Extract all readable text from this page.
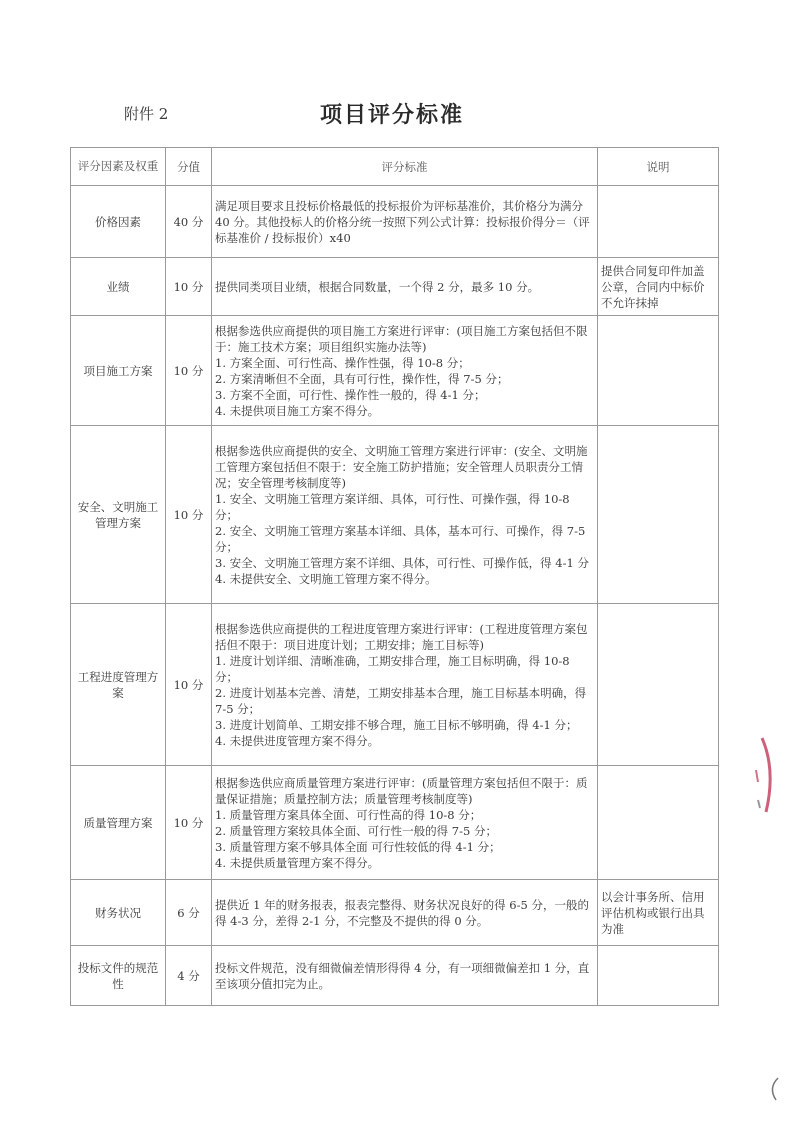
附件 2	项目评分标准
评分因素及权重	分值	评分标准	说明
价格因素	40 分	满足项目要求且投标价格最低的投标报价为评标基准价，其价格分为满分 40 分。其他投标人的价格分统一按照下列公式计算：投标报价得分＝（评标基准价 / 投标报价）x40	

业绩	10 分	提供同类项目业绩，根据合同数量，一个得 2 分，最多 10 分。	提供合同复印件加盖公章，合同内中标价不允许抹掉
项目施工方案	10 分	根据参选供应商提供的项目施工方案进行评审：(项目施工方案包括但不限于：施工技术方案；项目组织实施办法等)
1. 方案全面、可行性高、操作性强，得 10-8 分；
2. 方案清晰但不全面，具有可行性，操作性，得 7-5 分；
3. 方案不全面，可行性、操作性一般的，得 4-1 分；
4. 未提供项目施工方案不得分。	

安全、文明施工管理方案	10 分	根据参选供应商提供的安全、文明施工管理方案进行评审：(安全、文明施工管理方案包括但不限于：安全施工防护措施；安全管理人员职责分工情况；安全管理考核制度等)
1. 安全、文明施工管理方案详细、具体，可行性、可操作强，得 10-8 分；
2. 安全、文明施工管理方案基本详细、具体，基本可行、可操作，得 7-5 分；
3. 安全、文明施工管理方案不详细、具体，可行性、可操作低，得 4-1 分
4. 未提供安全、文明施工管理方案不得分。	

工程进度管理方案	10 分	根据参选供应商提供的工程进度管理方案进行评审：(工程进度管理方案包括但不限于：项目进度计划；工期安排；施工目标等)
1. 进度计划详细、清晰准确，工期安排合理，施工目标明确，得 10-8 分；
2. 进度计划基本完善、清楚，工期安排基本合理，施工目标基本明确，得 7-5 分；
3. 进度计划简单、工期安排不够合理，施工目标不够明确，得 4-1 分；
4. 未提供进度管理方案不得分。	

质量管理方案	10 分	根据参选供应商质量管理方案进行评审：(质量管理方案包括但不限于：质量保证措施；质量控制方法；质量管理考核制度等)
1. 质量管理方案具体全面、可行性高的得 10-8 分；
2. 质量管理方案较具体全面、可行性一般的得 7-5 分；
3. 质量管理方案不够具体全面 可行性较低的得 4-1 分；
4. 未提供质量管理方案不得分。	

财务状况	6 分	提供近 1 年的财务报表，报表完整得、财务状况良好的得 6-5 分，一般的得 4-3 分，差得 2-1 分，不完整及不提供的得 0 分。	以会计事务所、信用评估机构或银行出具为准
投标文件的规范性	4 分	投标文件规范，没有细微偏差情形得得 4 分，有一项细微偏差扣 1 分，直至该项分值扣完为止。	
